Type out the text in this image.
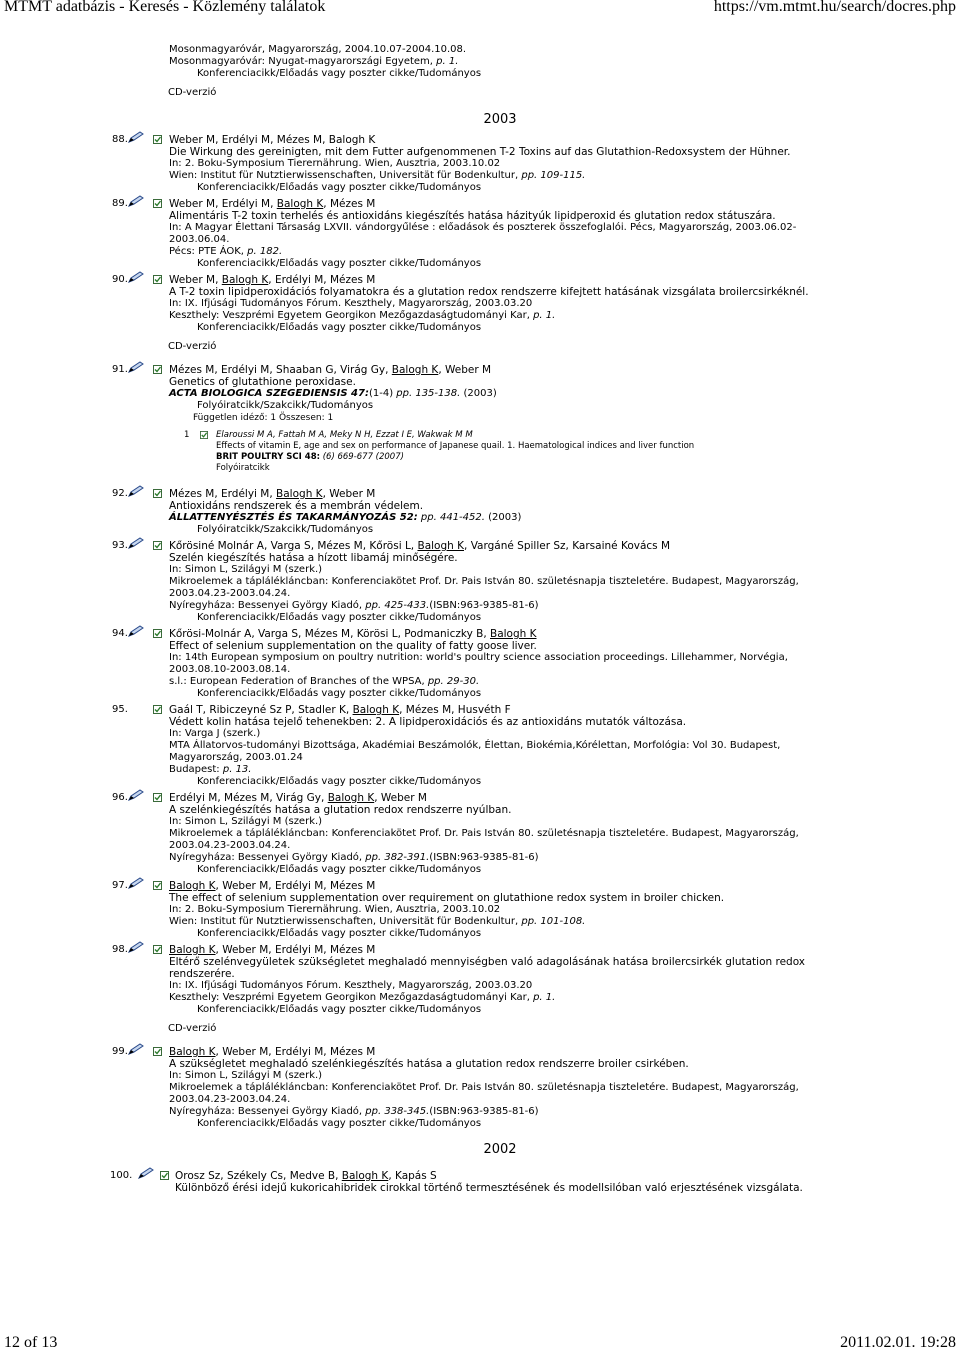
MTMT adatbázis - Keresés - Közlemény találatok	https://vm.mtmt.hu/search/docres.php
Mosonmagyaróvár, Magyarország, 2004.10.07-2004.10.08.
Mosonmagyaróvár: Nyugat-magyarországi Egyetem, p. 1.
Konferenciacikk/Előadás vagy poszter cikke/Tudományos
CD-verzió
2003
88.	Weber M, Erdélyi M, Mézes M, Balogh K
Die Wirkung des gereinigten, mit dem Futter aufgenommenen T-2 Toxins auf das Glutathion-Redoxsystem der Hühner.
In: 2. Boku-Symposium Tierernährung. Wien, Ausztria, 2003.10.02
Wien: Institut für Nutztierwissenschaften, Universität für Bodenkultur, pp. 109-115.
Konferenciacikk/Előadás vagy poszter cikke/Tudományos
89.	Weber M, Erdélyi M, Balogh K, Mézes M
Alimentáris T-2 toxin terhelés és antioxidáns kiegészítés hatása házityúk lipidperoxid és glutation redox státuszára.
In: A Magyar Élettani Társaság LXVII. vándorgyűlése : előadások és poszterek összefoglalói. Pécs, Magyarország, 2003.06.02-2003.06.04.
Pécs: PTE ÁOK, p. 182.
Konferenciacikk/Előadás vagy poszter cikke/Tudományos
90.	Weber M, Balogh K, Erdélyi M, Mézes M
A T-2 toxin lipidperoxidációs folyamatokra és a glutation redox rendszerre kifejtett hatásának vizsgálata broilercsirkéknél.
In: IX. Ifjúsági Tudományos Fórum. Keszthely, Magyarország, 2003.03.20
Keszthely: Veszprémi Egyetem Georgikon Mezőgazdaságtudományi Kar, p. 1.
Konferenciacikk/Előadás vagy poszter cikke/Tudományos
CD-verzió
91.	Mézes M, Erdélyi M, Shaaban G, Virág Gy, Balogh K, Weber M
Genetics of glutathione peroxidase.
ACTA BIOLOGICA SZEGEDIENSIS 47:(1-4) pp. 135-138. (2003)
Folyóiratcikk/Szakcikk/Tudományos
Független idéző: 1 Összesen: 1
1	Elaroussi M A, Fattah M A, Meky N H, Ezzat I E, Wakwak M M
Effects of vitamin E, age and sex on performance of Japanese quail. 1. Haematological indices and liver function
BRIT POULTRY SCI 48: (6) 669-677 (2007)
Folyóiratcikk
92.	Mézes M, Erdélyi M, Balogh K, Weber M
Antioxidáns rendszerek és a membrán védelem.
ÁLLATTENYÉSZTÉS ÉS TAKARMÁNYOZÁS 52: pp. 441-452. (2003)
Folyóiratcikk/Szakcikk/Tudományos
93.	Kőrösiné Molnár A, Varga S, Mézes M, Kőrösi L, Balogh K, Vargáné Spiller Sz, Karsainé Kovács M
Szelén kiegészítés hatása a hízott libamáj minőségére.
In: Simon L, Szilágyi M (szerk.)
Mikroelemek a táplálékláncban: Konferenciakötet Prof. Dr. Pais István 80. születésnapja tiszteletére. Budapest, Magyarország, 2003.04.23-2003.04.24.
Nyíregyháza: Bessenyei György Kiadó, pp. 425-433.(ISBN:963-9385-81-6)
Konferenciacikk/Előadás vagy poszter cikke/Tudományos
94.	Kőrösi-Molnár A, Varga S, Mézes M, Körösi L, Podmaniczky B, Balogh K
Effect of selenium supplementation on the quality of fatty goose liver.
In: 14th European symposium on poultry nutrition: world's poultry science association proceedings. Lillehammer, Norvégia, 2003.08.10-2003.08.14.
s.l.: European Federation of Branches of the WPSA, pp. 29-30.
Konferenciacikk/Előadás vagy poszter cikke/Tudományos
95.	Gaál T, Ribiczeyné Sz P, Stadler K, Balogh K, Mézes M, Husvéth F
Védett kolin hatása tejelő tehenekben: 2. A lipidperoxidációs és az antioxidáns mutatók változása.
In: Varga J (szerk.)
MTA Állatorvos-tudományi Bizottsága, Akadémiai Beszámolók, Élettan, Biokémia,Kórélettan, Morfológia: Vol 30. Budapest, Magyarország, 2003.01.24
Budapest: p. 13.
Konferenciacikk/Előadás vagy poszter cikke/Tudományos
96.	Erdélyi M, Mézes M, Virág Gy, Balogh K, Weber M
A szelénkiegészítés hatása a glutation redox rendszerre nyúlban.
In: Simon L, Szilágyi M (szerk.)
Mikroelemek a táplálékláncban: Konferenciakötet Prof. Dr. Pais István 80. születésnapja tiszteletére. Budapest, Magyarország, 2003.04.23-2003.04.24.
Nyíregyháza: Bessenyei György Kiadó, pp. 382-391.(ISBN:963-9385-81-6)
Konferenciacikk/Előadás vagy poszter cikke/Tudományos
97.	Balogh K, Weber M, Erdélyi M, Mézes M
The effect of selenium supplementation over requirement on glutathione redox system in broiler chicken.
In: 2. Boku-Symposium Tierernährung. Wien, Ausztria, 2003.10.02
Wien: Institut für Nutztierwissenschaften, Universität für Bodenkultur, pp. 101-108.
Konferenciacikk/Előadás vagy poszter cikke/Tudományos
98.	Balogh K, Weber M, Erdélyi M, Mézes M
Eltérő szelénvegyületek szükségletet meghaladó mennyiségben való adagolásának hatása broilercsirkék glutation redox rendszerére.
In: IX. Ifjúsági Tudományos Fórum. Keszthely, Magyarország, 2003.03.20
Keszthely: Veszprémi Egyetem Georgikon Mezőgazdaságtudományi Kar, p. 1.
Konferenciacikk/Előadás vagy poszter cikke/Tudományos
CD-verzió
99.	Balogh K, Weber M, Erdélyi M, Mézes M
A szükségletet meghaladó szelénkiegészítés hatása a glutation redox rendszerre broiler csirkében.
In: Simon L, Szilágyi M (szerk.)
Mikroelemek a táplálékláncban: Konferenciakötet Prof. Dr. Pais István 80. születésnapja tiszteletére. Budapest, Magyarország, 2003.04.23-2003.04.24.
Nyíregyháza: Bessenyei György Kiadó, pp. 338-345.(ISBN:963-9385-81-6)
Konferenciacikk/Előadás vagy poszter cikke/Tudományos
2002
100.	Orosz Sz, Székely Cs, Medve B, Balogh K, Kapás S
Különböző érési idejű kukoricahibridek cirokkal történő termesztésének és modellsilóban való erjesztésének vizsgálata.
12 of 13	2011.02.01. 19:28
